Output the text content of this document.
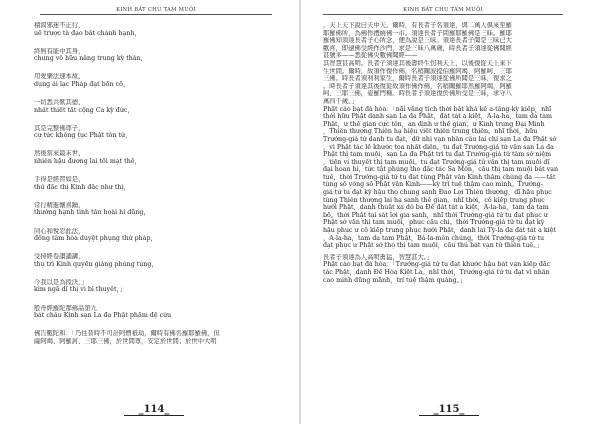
KINH BÁT CHU TAM MUỘI
積渴邪迷不正行，
uế trược tà đạo bất chánh hạnh，
終無有能中其身，
chung vô hữu năng trung kỳ thân，
用愛樂法速本故，
dụng ái lạc Pháp đạt bổn cố，
一切悉共歎其德，
nhất thiết tất cộng Ca kỳ đức，
其是完整佛尊子，
cự tức không tục Phật tôn tử，
然後當來最末世，
nhiên hậu đương lai tối mạt thế，
手得是經習如是，
thủ đắc thị Kinh đắc như thị，
常行精進懷喜踴，
thường hạnh tinh tấn hoài hỉ dũng，
同心和悅忍此法，
đồng tâm hòa duyệt phụng thử pháp，
受持經卷讚誦講，
thụ trì Kinh quyển giảng phúng tụng，
今我以是為授決，」
kim ngã dĩ thị vi bi thuyết，」
般舟經羅陀那佛品第九
bát châu Kinh sạn La đa Phật phẩm đệ cửu
佛告颰陀和：「乃往昔時不可計阿僧祇劫，爾時有佛名羅耶羅佛，但
薩阿竭、阿羅訶、三耶三佛，於世間尊，安定於世間；於世中大明
_114_
KINH BÁT CHU TAM MUỘI
，天上天下說曰天中天。爾時，有長者子名須達，與二萬人俱來至羅
耶羅佛所，為佛作禮繞佛一市。須達長者子問羅耶羅佛是三昧。羅耶
羅佛知須達長者子心所念，便為說是三昧。須達長者子聞是三昧已大
歡喜，即逮佛受經作沙門，求是三昧八萬歲，時長者子須達從佛聞經
甚號多——悉從佛央數佛聞經——
其智慧甚高明。長者子須達其後壽終生忉利天上，以後復從天上來下
生世間。爾時，故須作復作佛，名稍關波提伯羅阿竭、阿羅呵、三耶
三佛。時長者須利利家生，爾時長者子須達從佛所聞是三昧，復求之
。時長者子須達其後復從故須作佛作佛，名稍關羅耶然羅阿竭，阿羅
呵、三耶三佛，姿羅門種。時長者子須達復於佛所受是三昧，求守八
萬四千歲。」
Phật cáo bạt đà hòa：「nãi văng tích thời bất khả kế a-tăng-kỳ kiếp，nhĩ
thời hữu Phật danh sạn La đa Phật，đát tát a kiệt，A-la-ha，tam da tam
Phật，ư thế gian cực tôn，an định ư thế gian；ư Kinh trung Đại Minh
，Thiên thượng Thiên hạ hiệu viết thiên trung thiên。nhĩ thời，hữu
Trưởng-giả tử danh tu đạt，dữ nhị vạn nhân câu lai chí sạn La đa Phật sở
，vi Phật tác lễ khước tọa nhất diện。tu đạt Trưởng-giả tử vấn sạn La đa
Phật thị tam muội，sạn La đa Phật tri tu đạt Trưởng-giả tử tâm sở niệm
，tiện vi thuyết thị tam muội。tu đạt Trưởng-giả tử văn thị tam muội dĩ
đại hoan hỉ，tức tất phúng thọ đắc tác Sa Môn，cầu thị tam muội bát vạn
tuế，thời Trưởng-giả tử tu đạt tùng Phật văn Kinh thậm chúng đa ——tất
tùng số vòng số Phật văn Kinh——kỳ trí tuệ thậm cao minh。Trưởng-
giả tử tu đạt kỳ hậu thọ chung sanh Đao Lợi Thiên thượng，dĩ hậu phục
tùng Thiên thượng lai hạ sanh thế gian。nhĩ thời，cố kiếp trung phục
hưởi Phật，danh thuật xá dô ba Đế đát tát a kiệt，A-la-ha，tam da tam
bồ。thời Phật tại sát lợi gia sanh，nhĩ thời Trưởng-giả tử tu đạt phục ư
Phật sở văn thị tam muội，phục cầu chi。thời Trưởng-giả tử tu đạt kỳ
hậu phục ư cố kiếp trung phục hưởi Phật，danh lai Tỳ-la đa đát tát a kiệt
，A-la-ha，tam da tam Phật，Bà-la-môn chủng。thời Trưởng-giả tử tu
đạt phục ư Phật sở thọ thị tam muội，cầu thủ bát vạn tứ thiên tuế。」
長者子須達為人高明勇猛，智慧甚大。」
Phật cáo bạt đà hòa：「Trưởng-giả tử tu đạt khước hậu bát vạn kiếp đắc
tác Phật，danh Đề Hòa Kiệt La。nhĩ thời，Trưởng-giả tử tu đạt vi nhân
cao minh dũng mãnh，trí tuệ thậm quảng。」
_115_
